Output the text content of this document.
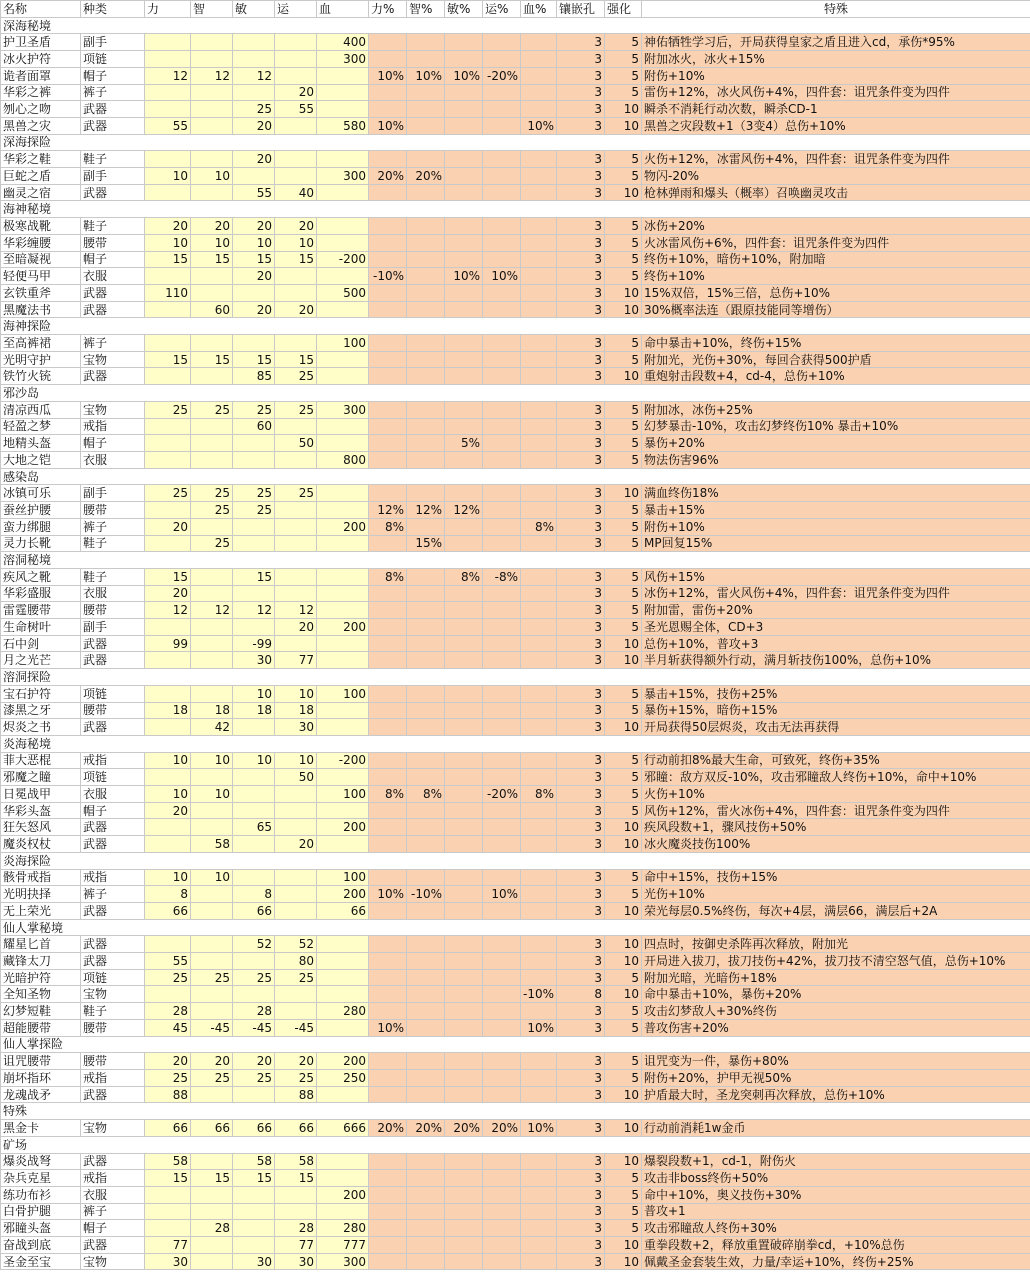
名称	种类	力	智	敏	运	血	力%	智%	敏%	运%	血%	镶嵌孔	强化	特殊
深海秘境														
护卫圣盾	副手					400						3	5	神佑牺牲学习后，开局获得皇家之盾且进入cd，承伤*95%
冰火护符	项链					300						3	5	附加冰火，冰火+15%
诡者面罩	帽子	12	12	12			10%	10%	10%	-20%		3	5	附伤+10%
华彩之裤	裤子				20							3	5	雷伤+12%，冰火风伤+4%，四件套：诅咒条件变为四件
刎心之吻	武器			25	55							3	10	瞬杀不消耗行动次数，瞬杀CD-1
黑兽之灾	武器	55		20		580	10%				10%	3	10	黑兽之灾段数+1（3变4）总伤+10%
深海探险														
华彩之鞋	鞋子			20								3	5	火伤+12%，冰雷风伤+4%，四件套：诅咒条件变为四件
巨蛇之盾	副手	10	10			300	20%	20%				3	5	物闪-20%
幽灵之宿	武器			55	40							3	10	枪林弹雨和爆头（概率）召唤幽灵攻击
海神秘境														
极寒战靴	鞋子	20	20	20	20							3	5	冰伤+20%
华彩缠腰	腰带	10	10	10	10							3	5	火冰雷风伤+6%，四件套：诅咒条件变为四件
至暗凝视	帽子	15	15	15	15	-200						3	5	终伤+10%，暗伤+10%，附加暗
轻便马甲	衣服			20			-10%		10%	10%		3	5	终伤+10%
玄铁重斧	武器	110				500						3	10	15%双倍，15%三倍，总伤+10%
黑魔法书	武器		60	20	20							3	10	30%概率法连（跟原技能同等增伤）
海神探险														
至高裤裙	裤子					100						3	5	命中暴击+10%，终伤+15%
光明守护	宝物	15	15	15	15							3	5	附加光，光伤+30%，每回合获得500护盾
铁竹火铳	武器			85	25							3	10	重炮射击段数+4，cd-4，总伤+10%
邪沙岛														
清凉西瓜	宝物	25	25	25	25	300						3	5	附加冰，冰伤+25%
轻盈之梦	戒指			60								3	5	幻梦暴击-10%，攻击幻梦终伤10% 暴击+10%
地精头盔	帽子				50				5%			3	5	暴伤+20%
大地之铠	衣服					800						3	5	物法伤害96%
感染岛														
冰镇可乐	副手	25	25	25	25							3	10	满血终伤18%
蚕丝护腰	腰带		25	25			12%	12%	12%			3	5	暴击+15%
蛮力绑腿	裤子	20				200	8%				8%	3	5	附伤+10%
灵力长靴	鞋子		25					15%				3	5	MP回复15%
溶洞秘境														
疾风之靴	鞋子	15		15			8%		8%	-8%		3	5	风伤+15%
华彩盛服	衣服	20										3	5	冰伤+12%，雷火风伤+4%，四件套：诅咒条件变为四件
雷霆腰带	腰带	12	12	12	12							3	5	附加雷，雷伤+20%
生命树叶	副手				20	200						3	5	圣光恩赐全体，CD+3
石中剑	武器	99		-99								3	10	总伤+10%，普攻+3
月之光芒	武器			30	77							3	10	半月斩获得额外行动，满月斩技伤100%，总伤+10%
溶洞探险														
宝石护符	项链			10	10	100						3	5	暴击+15%，技伤+25%
漆黑之牙	腰带	18	18	18	18							3	5	暴伤+15%，暗伤+15%
烬炎之书	武器		42		30							3	10	开局获得50层烬炎，攻击无法再获得
炎海秘境														
菲大恶棍	戒指	10	10	10	10	-200						3	5	行动前扣8%最大生命，可致死，终伤+35%
邪魔之瞳	项链				50							3	5	邪瞳：敌方双反-10%，攻击邪瞳敌人终伤+10%，命中+10%
日冕战甲	衣服	10	10			100	8%	8%		-20%	8%	3	5	火伤+10%
华彩头盔	帽子	20										3	5	风伤+12%，雷火冰伤+4%，四件套：诅咒条件变为四件
狂矢怒风	武器			65		200						3	10	疾风段数+1，骤风技伤+50%
魔炎权杖	武器		58		20							3	10	冰火魔炎技伤100%
炎海探险														
骸骨戒指	戒指	10	10			100						3	5	命中+15%，技伤+15%
光明抉择	裤子	8		8		200	10%	-10%		10%		3	5	光伤+10%
无上荣光	武器	66		66		66						3	10	荣光每层0.5%终伤，每次+4层，满层66，满层后+2A
仙人掌秘境														
耀星匕首	武器			52	52							3	10	四点时，按御史杀阵再次释放，附加光
藏锋太刀	武器	55			80							3	10	开局进入拔刀，拔刀技伤+42%，拔刀技不清空怒气值，总伤+10%
光暗护符	项链	25	25	25	25							3	5	附加光暗，光暗伤+18%
全知圣物	宝物										-10%	8	10	命中暴击+10%，暴伤+20%
幻梦短鞋	鞋子	28		28		280						3	5	攻击幻梦敌人+30%终伤
超能腰带	腰带	45	-45	-45	-45		10%				10%	3	5	普攻伤害+20%
仙人掌探险														
诅咒腰带	腰带	20	20	20	20	200						3	5	诅咒变为一件，暴伤+80%
崩坏指环	戒指	25	25	25	25	250						3	5	附伤+20%，护甲无视50%
龙魂战矛	武器	88			88							3	10	护盾最大时，圣龙突刺再次释放，总伤+10%
特殊														
黑金卡	宝物	66	66	66	66	666	20%	20%	20%	20%	10%	3	10	行动前消耗1w金币
矿场														
爆炎战弩	武器	58		58	58							3	10	爆裂段数+1，cd-1，附伤火
杂兵克星	戒指	15	15	15	15							3	5	攻击非boss终伤+50%
练功布衫	衣服					200						3	5	命中+10%，奥义技伤+30%
白骨护腿	裤子											3	5	普攻+1
邪瞳头盔	帽子		28		28	280						3	5	攻击邪瞳敌人终伤+30%
奋战到底	武器	77			77	777						3	10	重拳段数+2，释放重置破碎崩拳cd，+10%总伤
圣金至宝	宝物	30		30	30	300						3	10	佩戴圣金套装生效，力量/幸运+10%，终伤+25%
